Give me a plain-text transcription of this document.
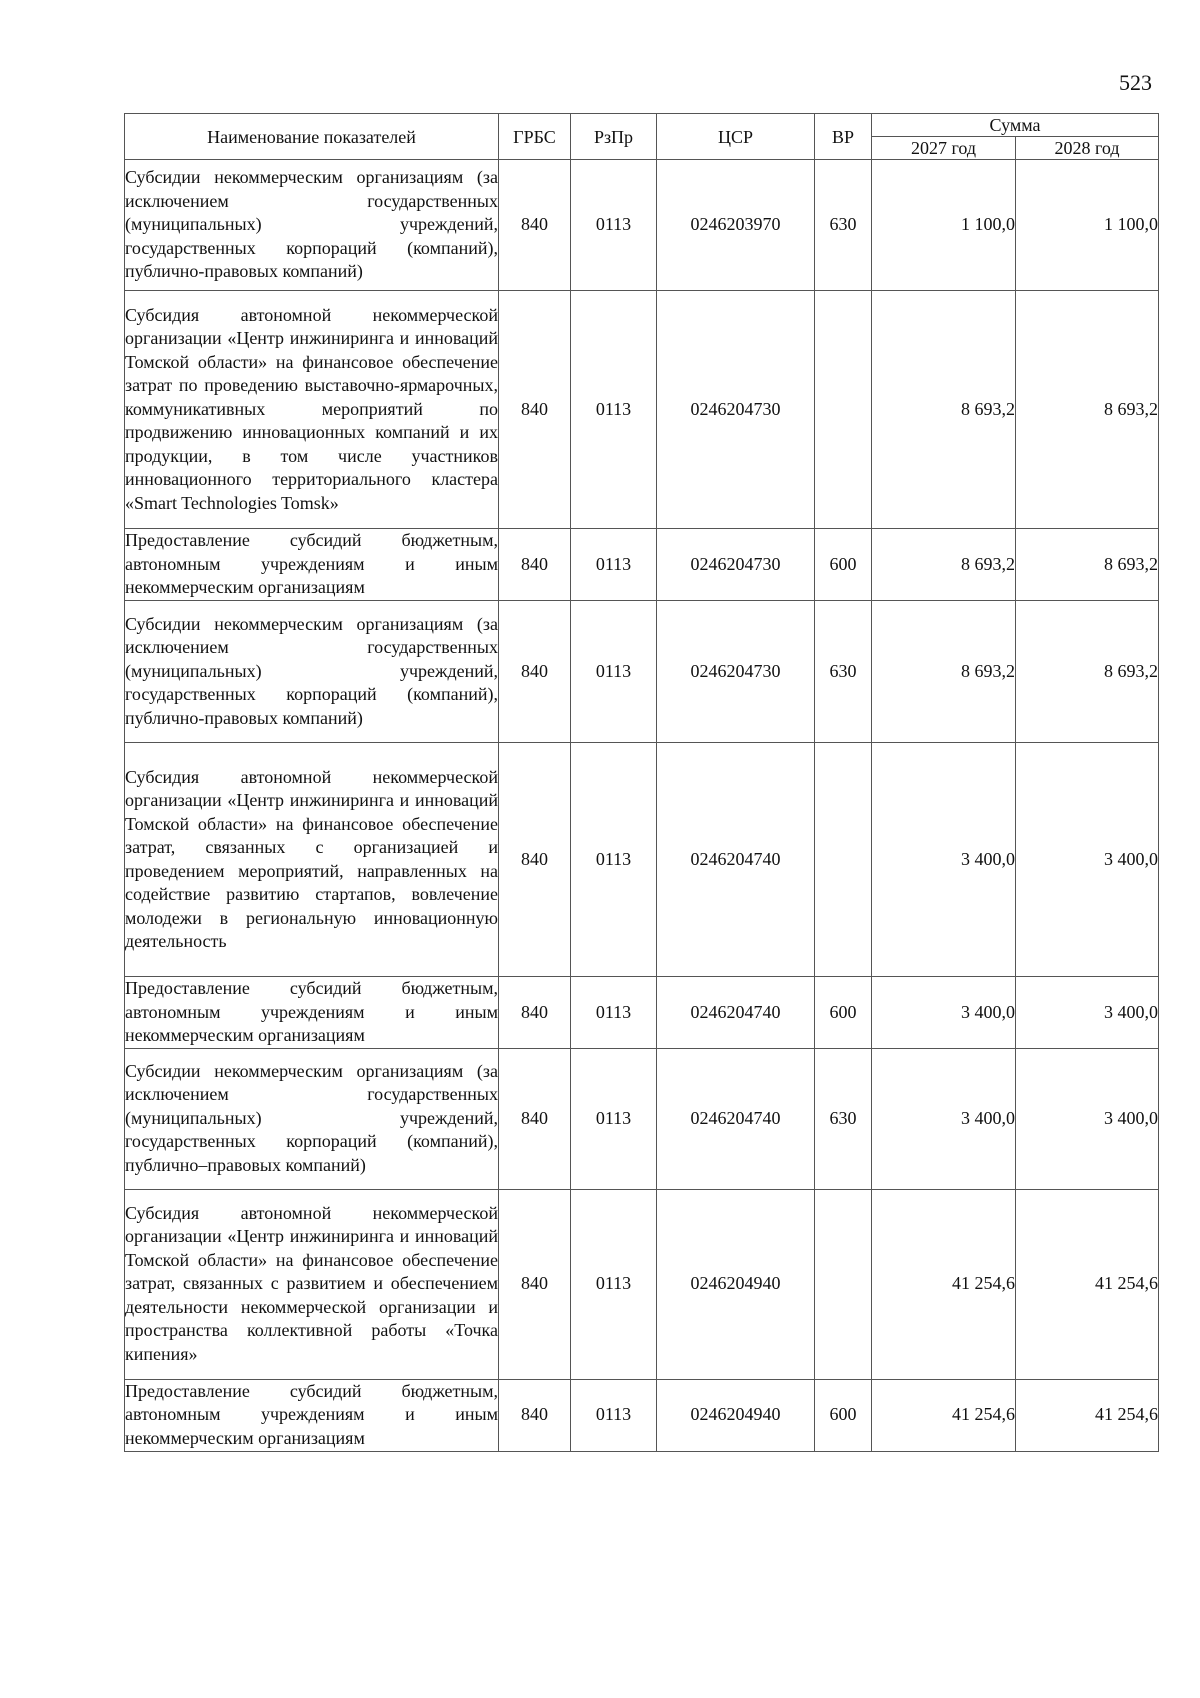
523
Наименование показателей	ГРБС	РзПр	ЦСР	ВР	Сумма	
					2027 год	2028 год
Субсидии некоммерческим организациям (за исключением государственных (муниципальных) учреждений, государственных корпораций (компаний), публично-правовых компаний)	840	0113	0246203970	630	1 100,0	1 100,0
Субсидия автономной некоммерческой организации «Центр инжиниринга и инноваций Томской области» на финансовое обеспечение затрат по проведению выставочно-ярмарочных, коммуникативных мероприятий по продвижению инновационных компаний и их продукции, в том числе участников инновационного территориального кластера «Smart Technologies Tomsk»	840	0113	0246204730		8 693,2	8 693,2
Предоставление субсидий бюджетным, автономным учреждениям и иным некоммерческим организациям	840	0113	0246204730	600	8 693,2	8 693,2
Субсидии некоммерческим организациям (за исключением государственных (муниципальных) учреждений, государственных корпораций (компаний), публично-правовых компаний)	840	0113	0246204730	630	8 693,2	8 693,2
Субсидия автономной некоммерческой организации «Центр инжиниринга и инноваций Томской области» на финансовое обеспечение затрат, связанных с организацией и проведением мероприятий, направленных на содействие развитию стартапов, вовлечение молодежи в региональную инновационную деятельность	840	0113	0246204740		3 400,0	3 400,0
Предоставление субсидий бюджетным, автономным учреждениям и иным некоммерческим организациям	840	0113	0246204740	600	3 400,0	3 400,0
Субсидии некоммерческим организациям (за исключением государственных (муниципальных) учреждений, государственных корпораций (компаний), публично–правовых компаний)	840	0113	0246204740	630	3 400,0	3 400,0
Субсидия автономной некоммерческой организации «Центр инжиниринга и инноваций Томской области» на финансовое обеспечение затрат, связанных с развитием и обеспечением деятельности некоммерческой организации и пространства коллективной работы «Точка кипения»	840	0113	0246204940		41 254,6	41 254,6
Предоставление субсидий бюджетным, автономным учреждениям и иным некоммерческим организациям	840	0113	0246204940	600	41 254,6	41 254,6
